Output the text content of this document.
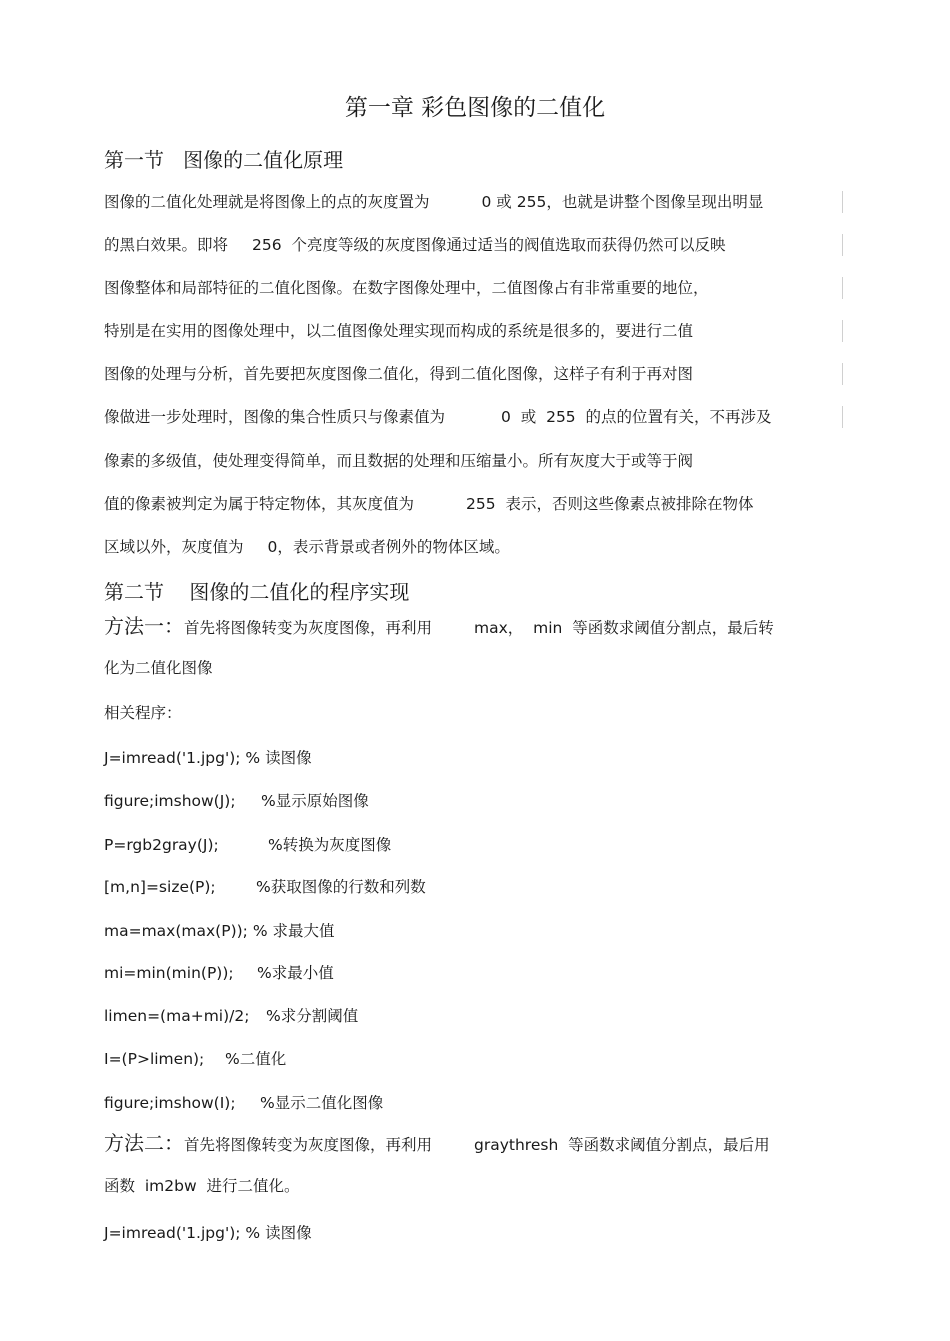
第一章 彩色图像的二值化
第一节   图像的二值化原理
图像的二值化处理就是将图像上的点的灰度置为	0 或 255，也就是讲整个图像呈现出明显
的黑白效果。即将 256  个亮度等级的灰度图像通过适当的阀值选取而获得仍然可以反映
图像整体和局部特征的二值化图像。在数字图像处理中，二值图像占有非常重要的地位，
特别是在实用的图像处理中，以二值图像处理实现而构成的系统是很多的，要进行二值
图像的处理与分析，首先要把灰度图像二值化，得到二值化图像，这样子有利于再对图
像做进一步处理时，图像的集合性质只与像素值为	0  或  255  的点的位置有关，不再涉及
像素的多级值，使处理变得简单，而且数据的处理和压缩量小。所有灰度大于或等于阀
值的像素被判定为属于特定物体，其灰度值为	255  表示，否则这些像素点被排除在物体
区域以外，灰度值为 0，表示背景或者例外的物体区域。
第二节    图像的二值化的程序实现
方法一：首先将图像转变为灰度图像，再利用	max，  min  等函数求阈值分割点，最后转
化为二值化图像
相关程序：
J=imread('1.jpg'); % 读图像
figure;imshow(J); %显示原始图像
P=rgb2gray(J);	%转换为灰度图像
[m,n]=size(P);	%获取图像的行数和列数
ma=max(max(P)); % 求最大值
mi=min(min(P)); %求最小值
limen=(ma+mi)/2; %求分割阈值
I=(P>limen); %二值化
figure;imshow(I); %显示二值化图像
方法二：首先将图像转变为灰度图像，再利用	graythresh  等函数求阈值分割点，最后用
函数  im2bw  进行二值化。
J=imread('1.jpg'); % 读图像
